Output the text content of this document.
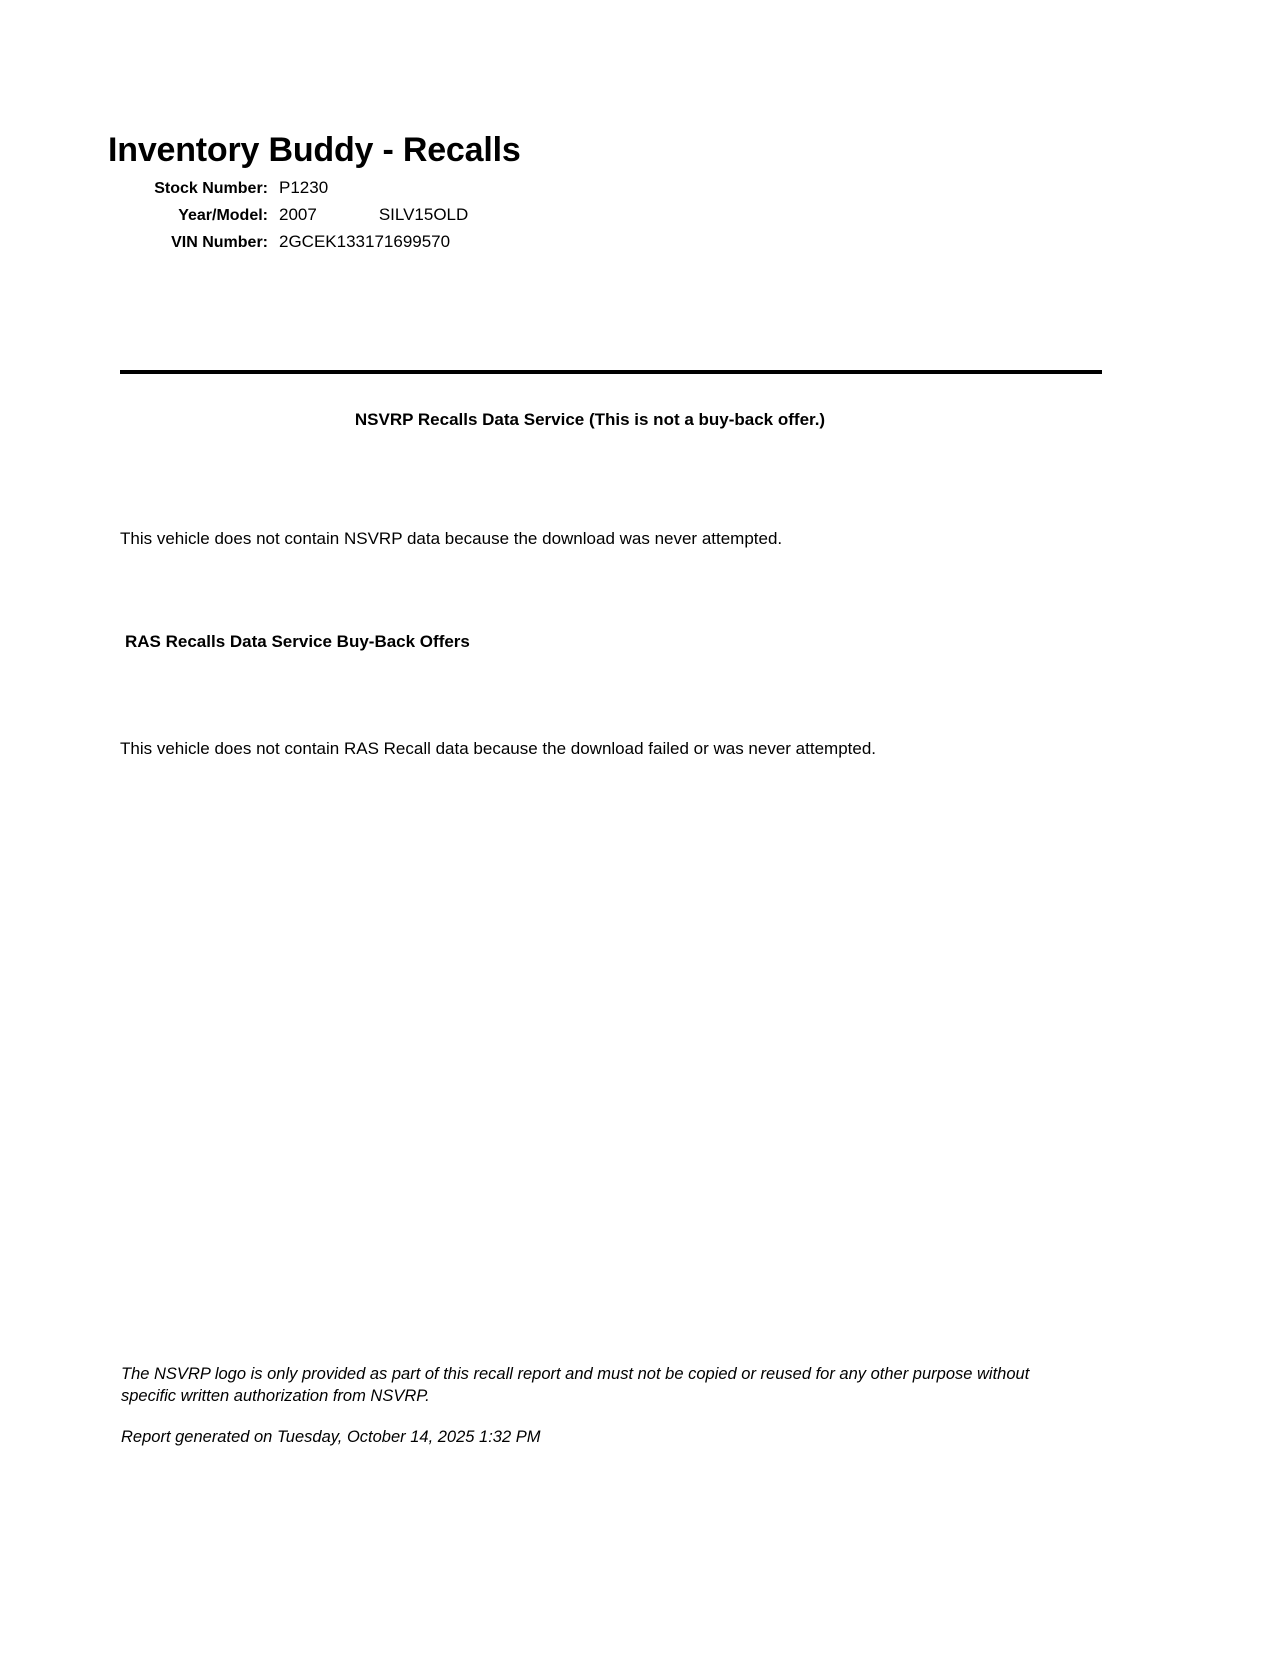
Inventory Buddy - Recalls
Stock Number: P1230
Year/Model: 2007	SILV15OLD
VIN Number: 2GCEK133171699570
NSVRP Recalls Data Service (This is not a buy-back offer.)
This vehicle does not contain NSVRP data because the download was never attempted.
RAS Recalls Data Service Buy-Back Offers
This vehicle does not contain RAS Recall data because the download failed or was never attempted.
The NSVRP logo is only provided as part of this recall report and must not be copied or reused for any other purpose without specific written authorization from NSVRP.
Report generated on Tuesday, October 14, 2025 1:32 PM
